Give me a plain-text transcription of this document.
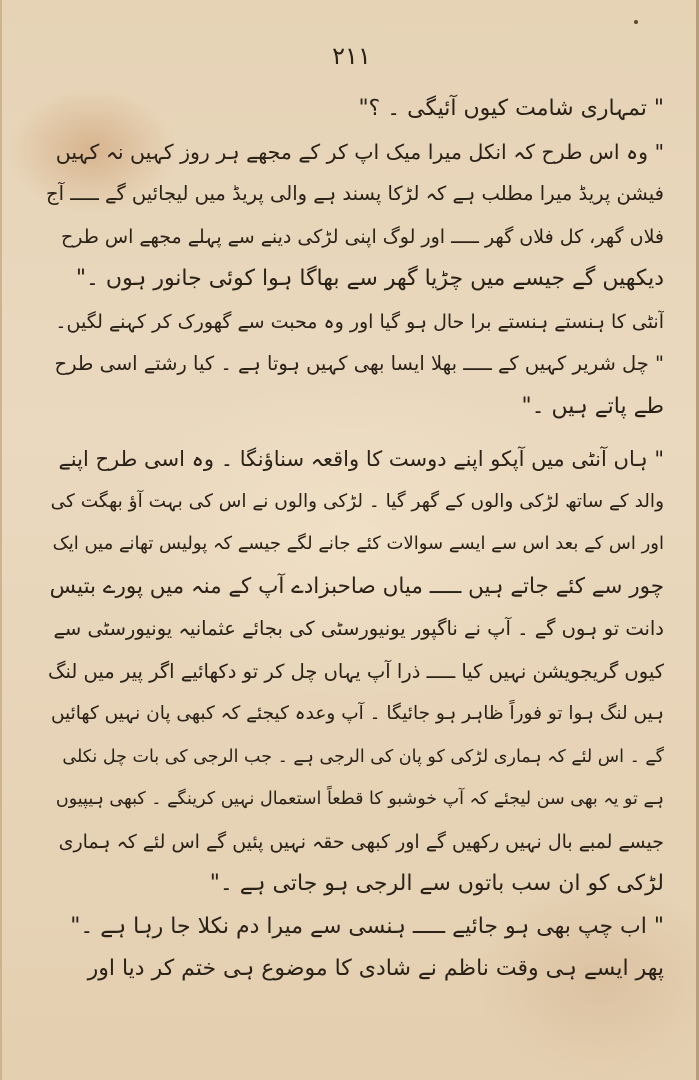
٢١١
" تمہاری شامت کیوں آئیگی ۔ ؟"
" وہ اس طرح کہ انکل میرا میک اپ کر کے مجھے ہر روز کہیں نہ کہیں
فیشن پریڈ میرا مطلب ہے کہ لڑکا پسند ہے والی پریڈ میں لیجائیں گے ـــــ آج
فلاں گھر، کل فلاں گھر ـــــ اور لوگ اپنی لڑکی دینے سے پہلے مجھے اس طرح
دیکھیں گے جیسے میں چڑیا گھر سے بھاگا ہوا کوئی جانور ہوں ۔"
آنٹی کا ہنستے ہنستے برا حال ہو گیا اور وہ محبت سے گھورک کر کہنے لگیں۔
" چل شریر کہیں کے ـــــ بھلا ایسا بھی کہیں ہوتا ہے ۔ کیا رشتے اسی طرح
طے پاتے ہیں ۔"
" ہاں آنٹی میں آپکو اپنے دوست کا واقعہ سناؤنگا ۔ وہ اسی طرح اپنے
والد کے ساتھ لڑکی والوں کے گھر گیا ۔ لڑکی والوں نے اس کی بہت آؤ بھگت کی
اور اس کے بعد اس سے ایسے سوالات کئے جانے لگے جیسے کہ پولیس تھانے میں ایک
چور سے کئے جاتے ہیں ـــــ میاں صاحبزادے آپ کے منہ میں پورے بتیس
دانت تو ہوں گے ۔ آپ نے ناگپور یونیورسٹی کی بجائے عثمانیہ یونیورسٹی سے
کیوں گریجویشن نہیں کیا ـــــ ذرا آپ یہاں چل کر تو دکھائیے اگر پیر میں لنگ
ہیں لنگ ہوا تو فوراً ظاہر ہو جائیگا ۔ آپ وعدہ کیجئے کہ کبھی پان نہیں کھائیں
گے ۔ اس لئے کہ ہماری لڑکی کو پان کی الرجی ہے ۔ جب الرجی کی بات چل نکلی
ہے تو یہ بھی سن لیجئے کہ آپ خوشبو کا قطعاً استعمال نہیں کرینگے ۔ کبھی ہیپیوں
جیسے لمبے بال نہیں رکھیں گے اور کبھی حقہ نہیں پئیں گے اس لئے کہ ہماری
لڑکی کو ان سب باتوں سے الرجی ہو جاتی ہے ۔"
" اب چپ بھی ہو جائیے ـــــ ہنسی سے میرا دم نکلا جا رہا ہے ۔"
پھر ایسے ہی وقت ناظم نے شادی کا موضوع ہی ختم کر دیا اور
